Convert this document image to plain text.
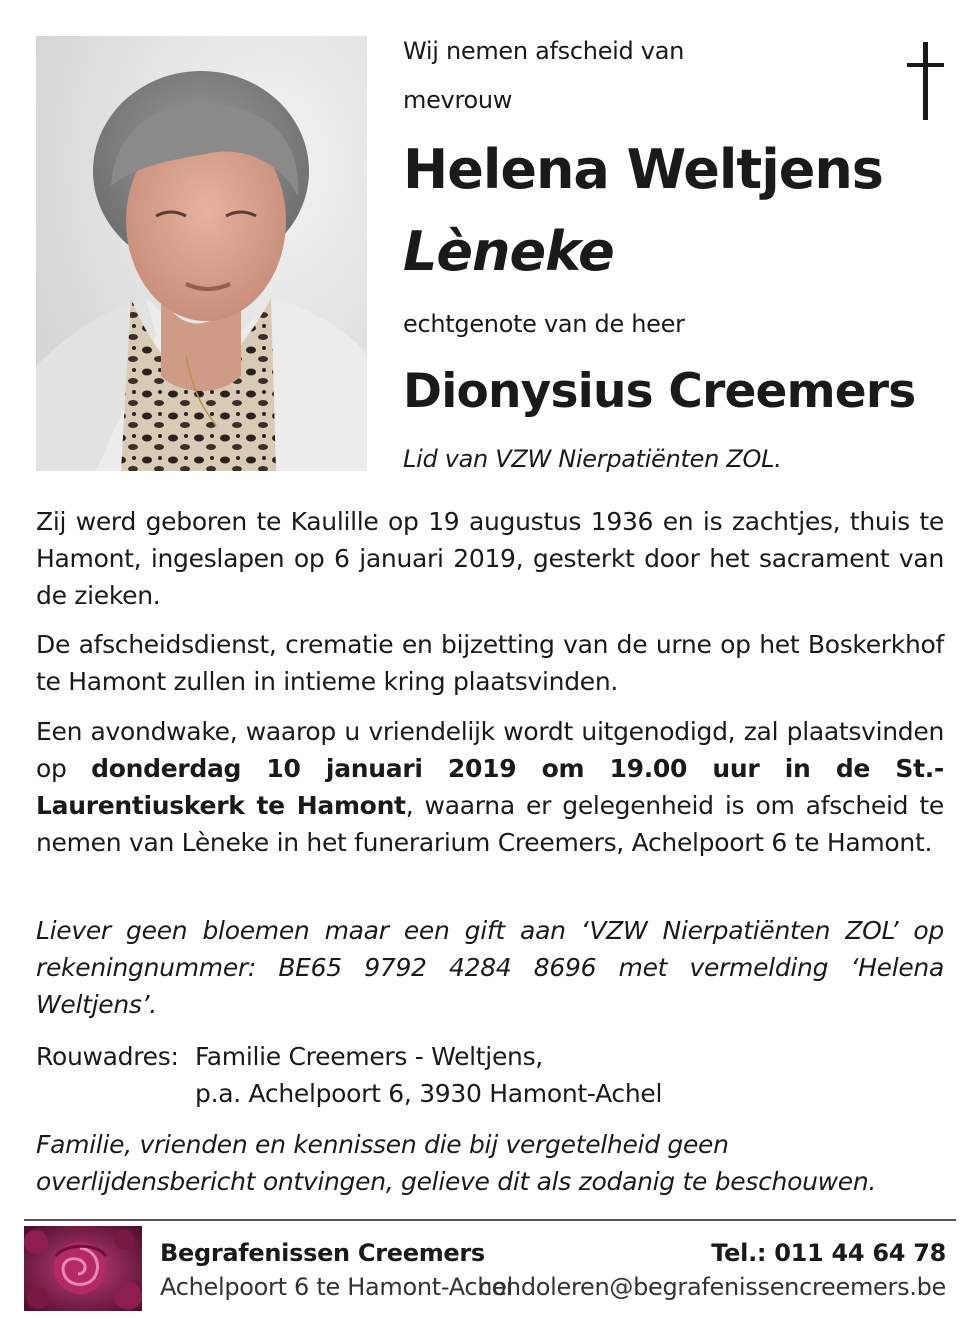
Wij nemen afscheid van
mevrouw
Helena Weltjens
Lèneke
echtgenote van de heer
Dionysius Creemers
Lid van VZW Nierpatiënten ZOL.
Zij werd geboren te Kaulille op 19 augustus 1936 en is zachtjes, thuis te Hamont, ingeslapen op 6 januari 2019, gesterkt door het sacrament van de zieken.
De afscheidsdienst, crematie en bijzetting van de urne op het Boskerkhof te Hamont zullen in intieme kring plaatsvinden.
Een avondwake, waarop u vriendelijk wordt uitgenodigd, zal plaatsvinden op donderdag 10 januari 2019 om 19.00 uur in de St.-Laurentiuskerk te Hamont, waarna er gelegenheid is om afscheid te nemen van Lèneke in het funerarium Creemers, Achelpoort 6 te Hamont.
Liever geen bloemen maar een gift aan ‘VZW Nierpatiënten ZOL’ op rekeningnummer: BE65 9792 4284 8696 met vermelding ‘Helena Weltjens’.
Rouwadres: Familie Creemers - Weltjens,
p.a. Achelpoort 6, 3930 Hamont-Achel
Familie, vrienden en kennissen die bij vergetelheid geen overlijdensbericht ontvingen, gelieve dit als zodanig te beschouwen.
Begrafenissen Creemers
Achelpoort 6 te Hamont-Achel
Tel.: 011 44 64 78
condoleren@begrafenissencreemers.be
